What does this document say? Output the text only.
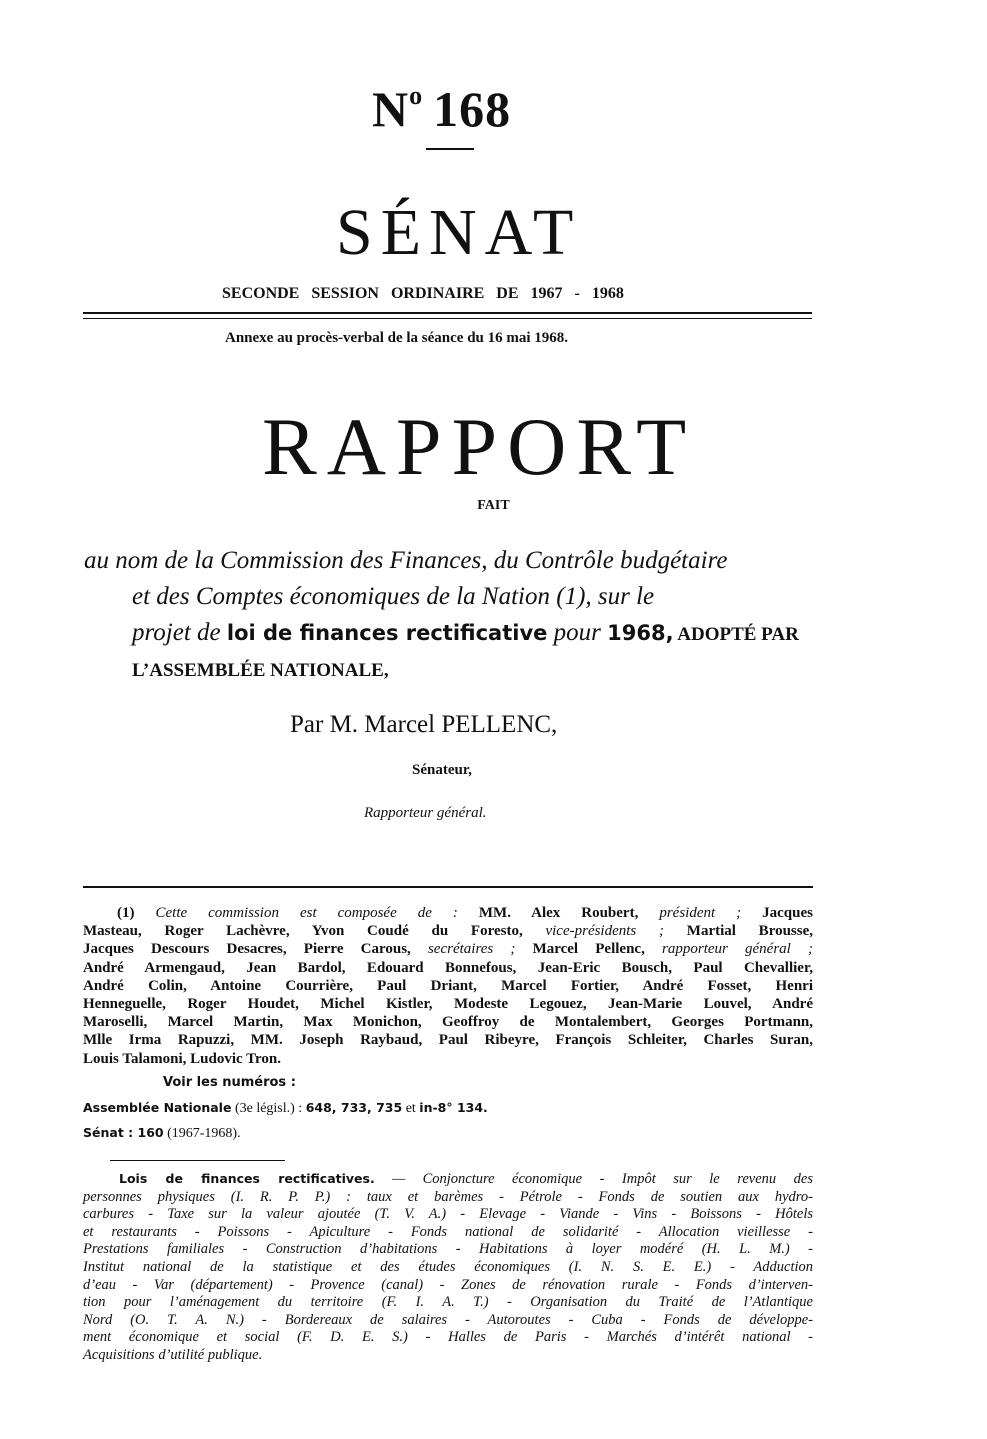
$N^o$ 168
SÉNAT
SECONDE SESSION ORDINAIRE DE 1967 - 1968
Annexe au procès-verbal de la séance du 16 mai 1968.
RAPPORT
FAIT
au nom de la Commission des Finances, du Contrôle budgétaire
et des Comptes économiques de la Nation (1), sur le
projet de loi de finances rectificative pour 1968, ADOPTÉ PAR
L’ASSEMBLÉE NATIONALE,
Par M. Marcel PELLENC,
Sénateur,
Rapporteur général.
(1) Cette commission est composée de : MM. Alex Roubert, président ; Jacques
Masteau, Roger Lachèvre, Yvon Coudé du Foresto, vice-présidents ; Martial Brousse,
Jacques Descours Desacres, Pierre Carous, secrétaires ; Marcel Pellenc, rapporteur général ;
André Armengaud, Jean Bardol, Edouard Bonnefous, Jean-Eric Bousch, Paul Chevallier,
André Colin, Antoine Courrière, Paul Driant, Marcel Fortier, André Fosset, Henri
Henneguelle, Roger Houdet, Michel Kistler, Modeste Legouez, Jean-Marie Louvel, André
Maroselli, Marcel Martin, Max Monichon, Geoffroy de Montalembert, Georges Portmann,
Mlle Irma Rapuzzi, MM. Joseph Raybaud, Paul Ribeyre, François Schleiter, Charles Suran,
Louis Talamoni, Ludovic Tron.
Voir les numéros :
Assemblée Nationale (3e législ.) : 648, 733, 735 et in-8° 134.
Sénat : 160 (1967-1968).
Lois de finances rectificatives. — Conjoncture économique - Impôt sur le revenu des
personnes physiques (I. R. P. P.) : taux et barèmes - Pétrole - Fonds de soutien aux hydro-
carbures - Taxe sur la valeur ajoutée (T. V. A.) - Elevage - Viande - Vins - Boissons - Hôtels
et restaurants - Poissons - Apiculture - Fonds national de solidarité - Allocation vieillesse -
Prestations familiales - Construction d’habitations - Habitations à loyer modéré (H. L. M.) -
Institut national de la statistique et des études économiques (I. N. S. E. E.) - Adduction
d’eau - Var (département) - Provence (canal) - Zones de rénovation rurale - Fonds d’interven-
tion pour l’aménagement du territoire (F. I. A. T.) - Organisation du Traité de l’Atlantique
Nord (O. T. A. N.) - Bordereaux de salaires - Autoroutes - Cuba - Fonds de développe-
ment économique et social (F. D. E. S.) - Halles de Paris - Marchés d’intérêt national -
Acquisitions d’utilité publique.
